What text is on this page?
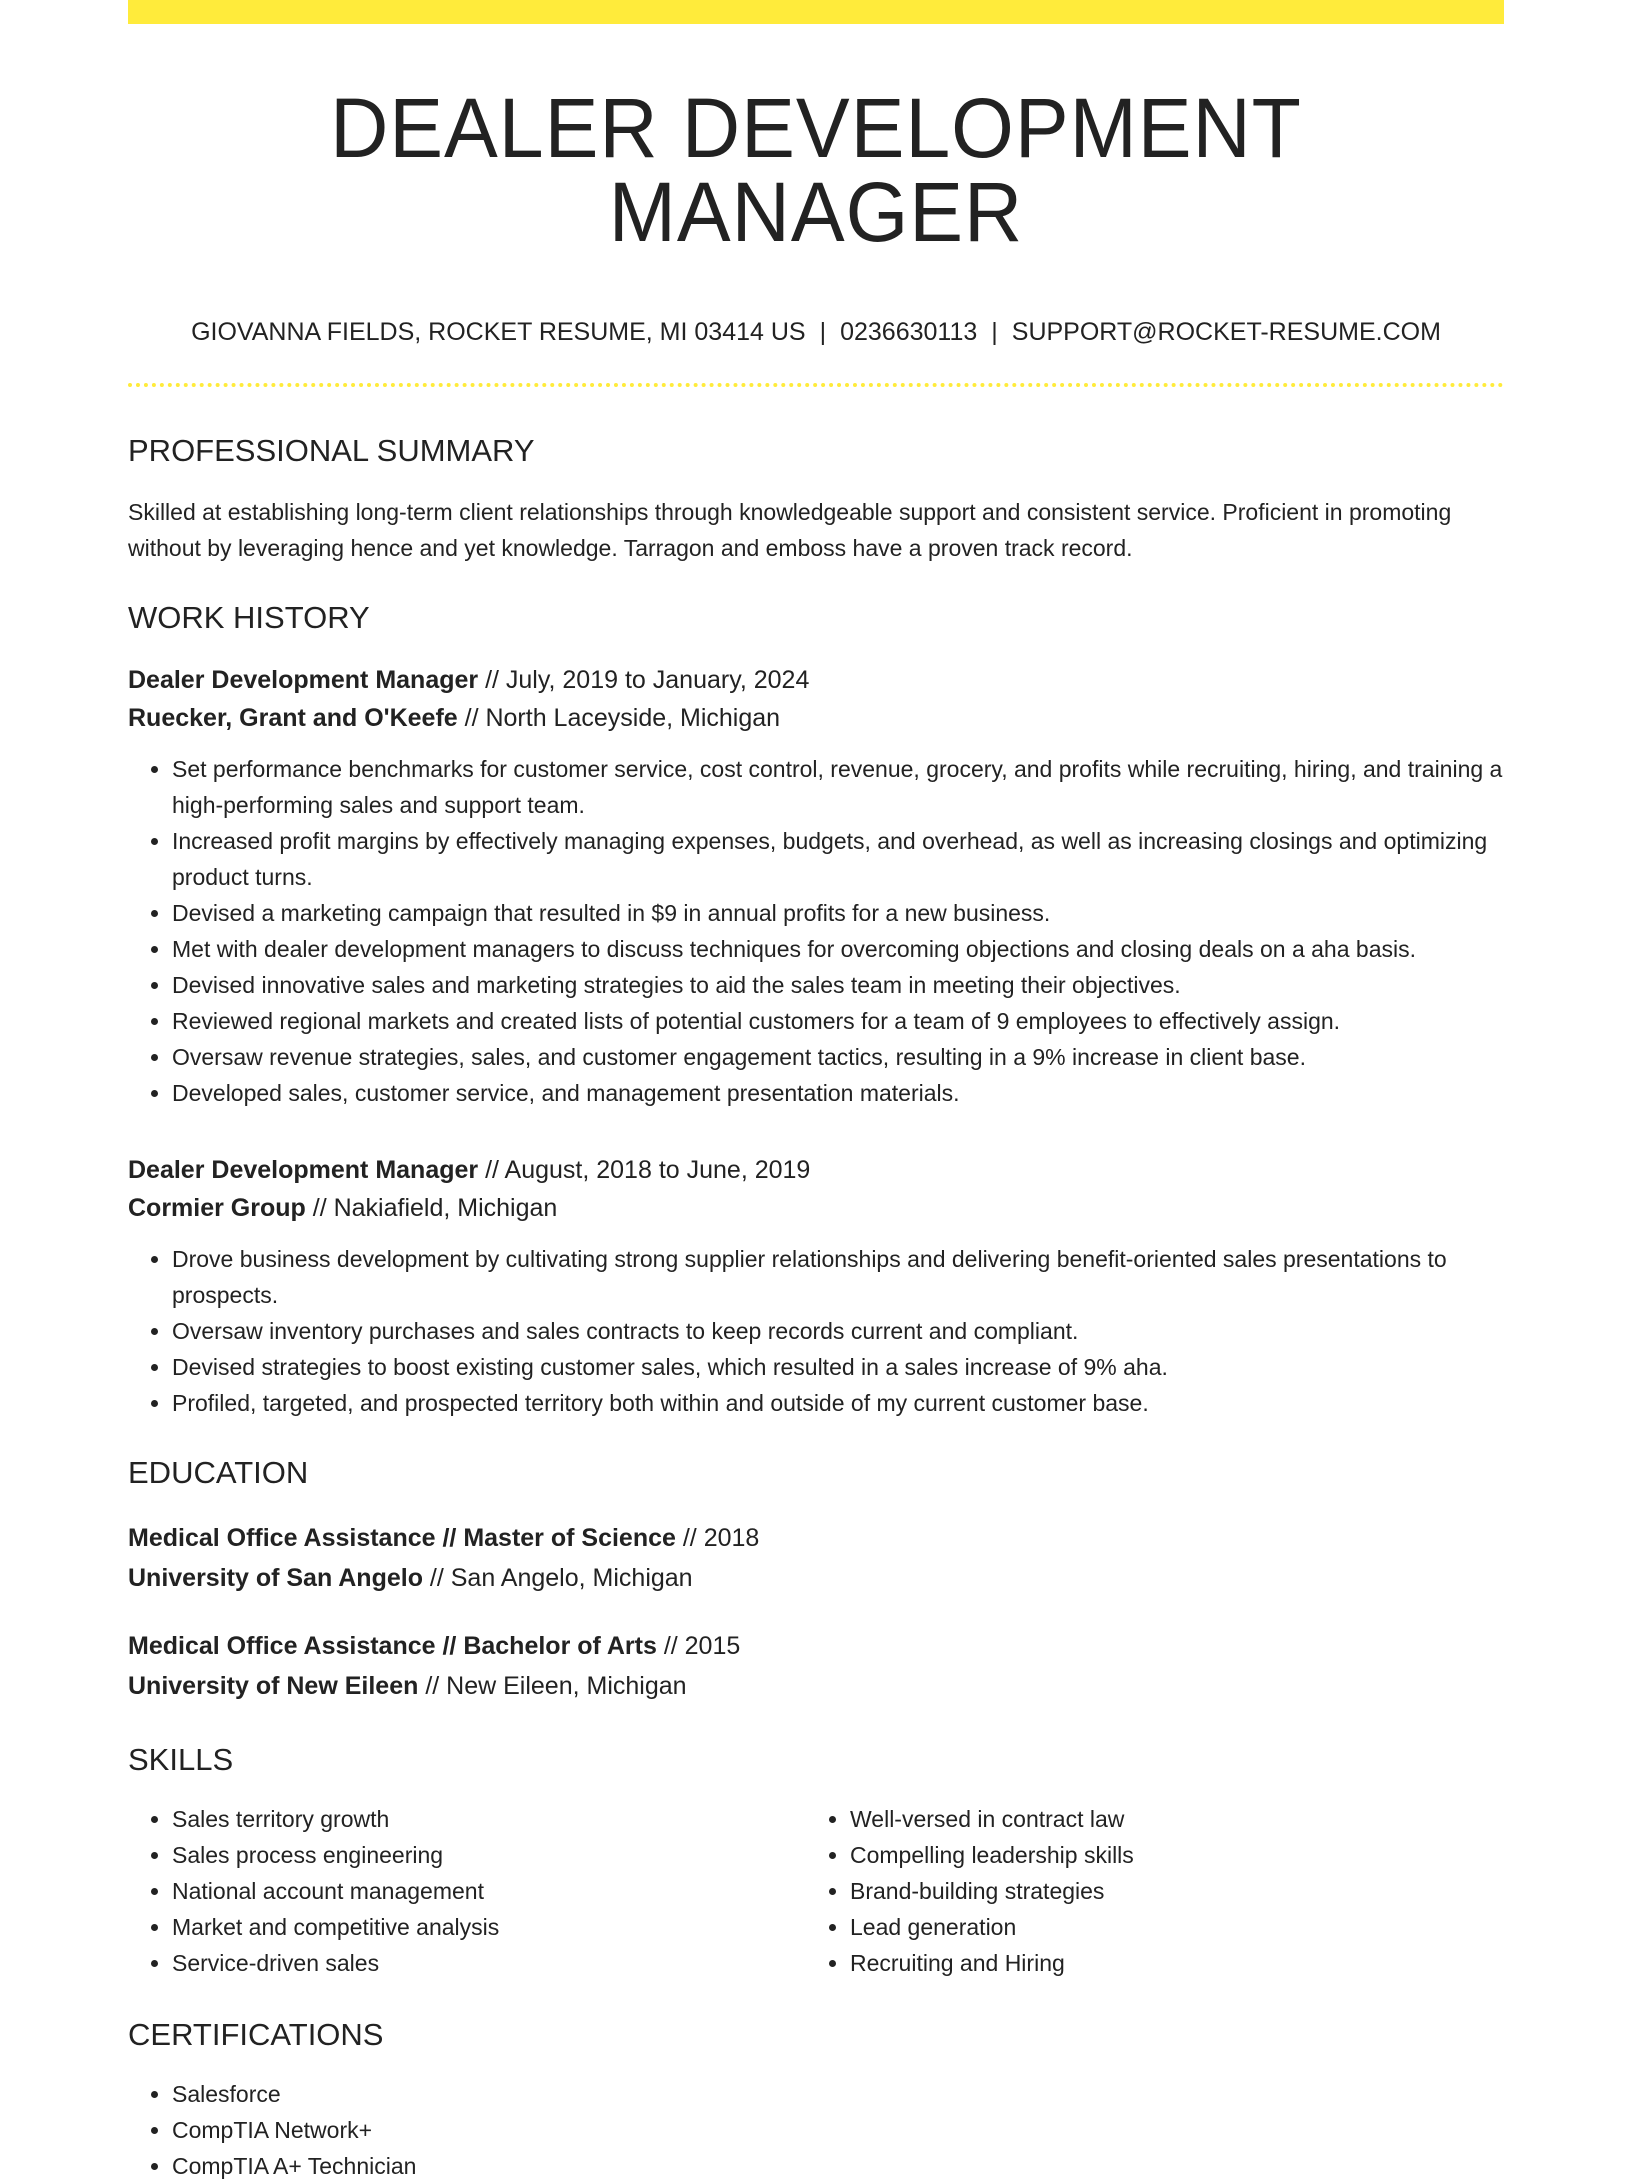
DEALER DEVELOPMENT MANAGER
GIOVANNA FIELDS, ROCKET RESUME, MI 03414 US | 0236630113 | SUPPORT@ROCKET-RESUME.COM
PROFESSIONAL SUMMARY
Skilled at establishing long-term client relationships through knowledgeable support and consistent service. Proficient in promoting without by leveraging hence and yet knowledge. Tarragon and emboss have a proven track record.
WORK HISTORY
Dealer Development Manager // July, 2019 to January, 2024
Ruecker, Grant and O'Keefe // North Laceyside, Michigan
• Set performance benchmarks for customer service, cost control, revenue, grocery, and profits while recruiting, hiring, and training a high-performing sales and support team.
• Increased profit margins by effectively managing expenses, budgets, and overhead, as well as increasing closings and optimizing product turns.
• Devised a marketing campaign that resulted in $9 in annual profits for a new business.
• Met with dealer development managers to discuss techniques for overcoming objections and closing deals on a aha basis.
• Devised innovative sales and marketing strategies to aid the sales team in meeting their objectives.
• Reviewed regional markets and created lists of potential customers for a team of 9 employees to effectively assign.
• Oversaw revenue strategies, sales, and customer engagement tactics, resulting in a 9% increase in client base.
• Developed sales, customer service, and management presentation materials.
Dealer Development Manager // August, 2018 to June, 2019
Cormier Group // Nakiafield, Michigan
• Drove business development by cultivating strong supplier relationships and delivering benefit-oriented sales presentations to prospects.
• Oversaw inventory purchases and sales contracts to keep records current and compliant.
• Devised strategies to boost existing customer sales, which resulted in a sales increase of 9% aha.
• Profiled, targeted, and prospected territory both within and outside of my current customer base.
EDUCATION
Medical Office Assistance // Master of Science // 2018
University of San Angelo // San Angelo, Michigan
Medical Office Assistance // Bachelor of Arts // 2015
University of New Eileen // New Eileen, Michigan
SKILLS
• Sales territory growth
• Sales process engineering
• National account management
• Market and competitive analysis
• Service-driven sales
• Well-versed in contract law
• Compelling leadership skills
• Brand-building strategies
• Lead generation
• Recruiting and Hiring
CERTIFICATIONS
• Salesforce
• CompTIA Network+
• CompTIA A+ Technician
